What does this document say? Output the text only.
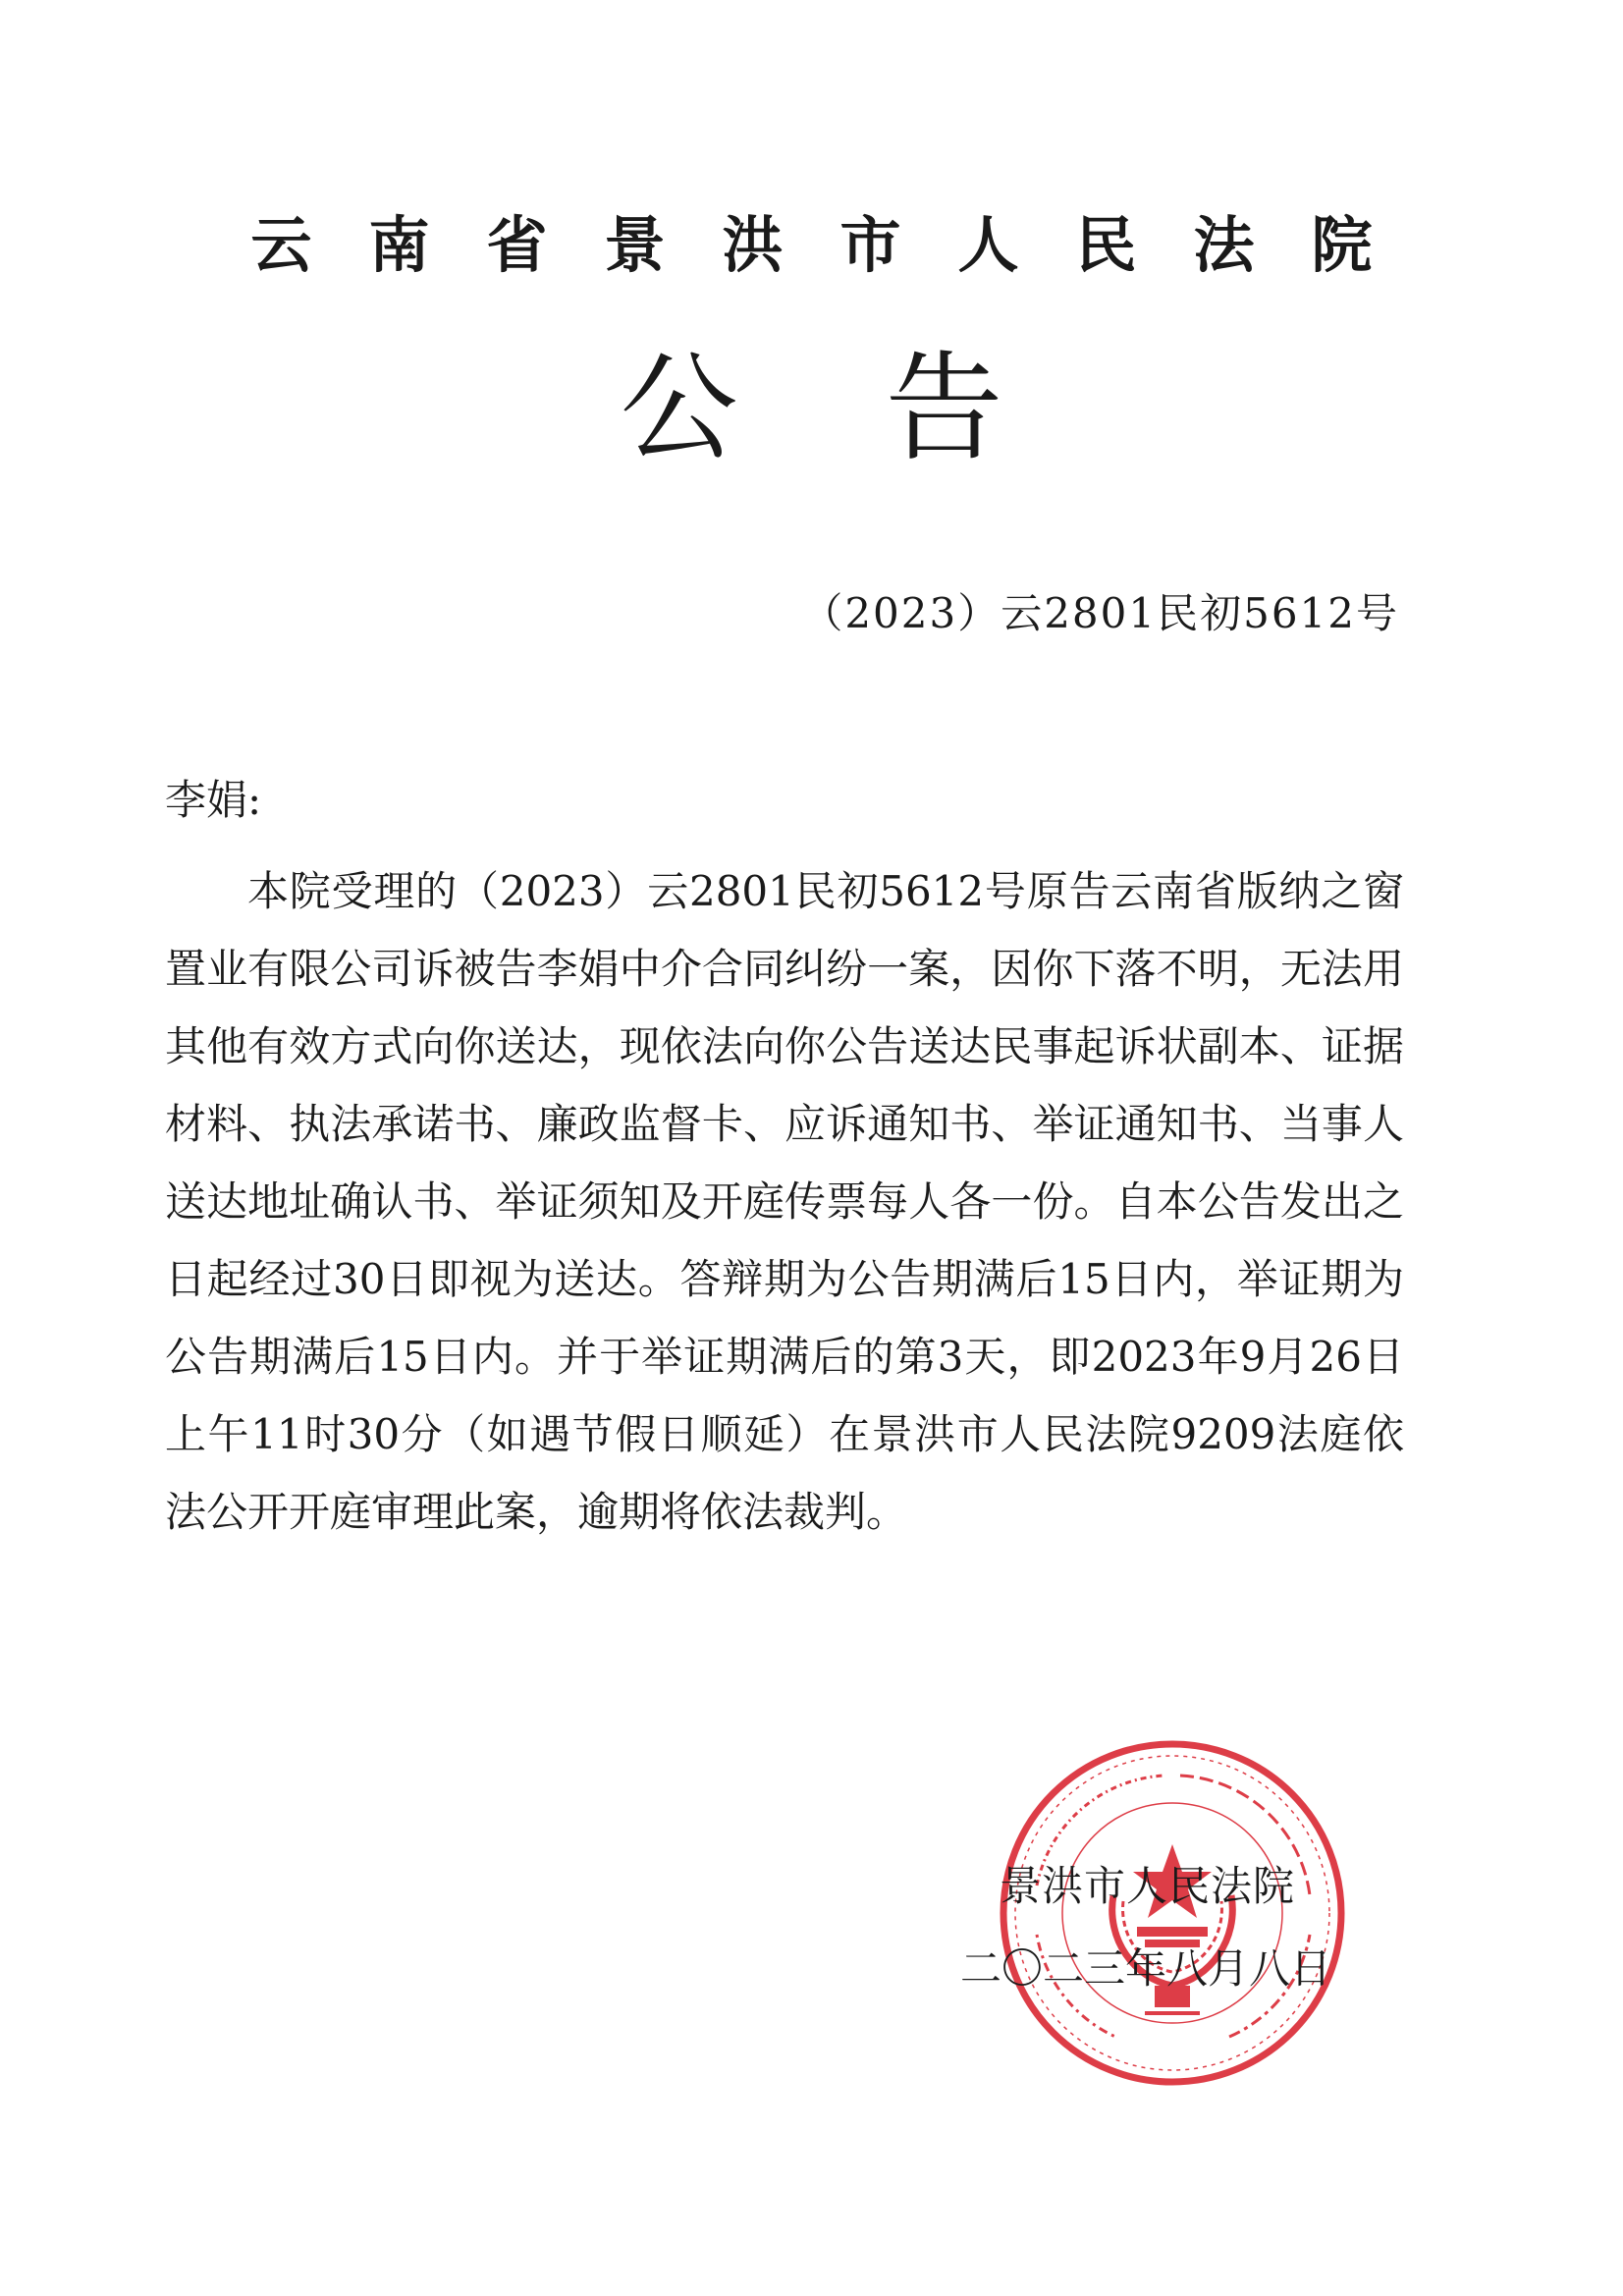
云南省景洪市人民法院
公告
（2023）云2801民初5612号
李娟:

本院受理的（2023）云2801民初5612号原告云南省版纳之窗置业有限公司诉被告李娟中介合同纠纷一案，因你下落不明，无法用其他有效方式向你送达，现依法向你公告送达民事起诉状副本、证据材料、执法承诺书、廉政监督卡、应诉通知书、举证通知书、当事人送达地址确认书、举证须知及开庭传票每人各一份。自本公告发出之日起经过30日即视为送达。答辩期为公告期满后15日内，举证期为公告期满后15日内。并于举证期满后的第3天，即2023年9月26日 上午11时30分（如遇节假日顺延）在景洪市人民法院9209法庭依法公开开庭审理此案，逾期将依法裁判。

景洪市人民法院
二〇二三年八月八日
